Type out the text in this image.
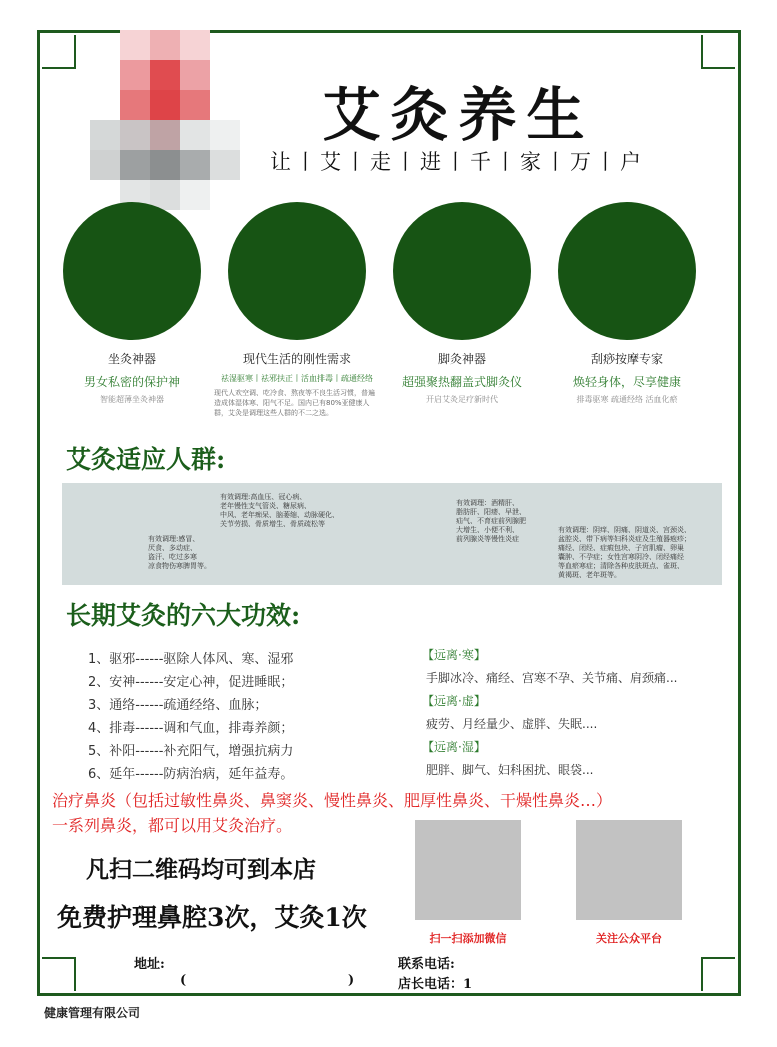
艾灸养生
让丨艾丨走丨进丨千丨家丨万丨户
坐灸神器
男女私密的保护神
智能超薄坐灸神器
现代生活的刚性需求
祛湿驱寒丨祛邪扶正丨活血排毒丨疏通经络
现代人欢空调、吃冷食、熬夜等不良生活习惯，普遍造成体湿体寒、阳气不足。国内已有80%亚健康人群，艾灸是调理这些人群的不二之选。
脚灸神器
超强聚热翻盖式脚灸仪
开启艾灸足疗新时代
刮痧按摩专家
焕轻身体，尽享健康
排毒驱寒 疏通经络 活血化瘀
艾灸适应人群:
有效调理:感冒、
厌食、多动症、
盗汗、吃过多寒
凉食物伤寒脾胃等。
有效调理:高血压、冠心病、
老年慢性支气管炎、糖尿病、
中风、老年痴呆、脑萎缩、动脉硬化、
关节劳损、骨质增生、骨质疏松等
有效调理：酒精肝、
脂肪肝、阳痿、早泄、
疝气、不育症前列腺肥
大增生、小便不利、
前列腺炎等慢性炎症
有效调理：阴痒、阴痛、阴道炎、宫颈炎、
盆腔炎、带下病等妇科炎症及生殖器疱疹；
痛经、闭经、症瘕包块、子宫肌瘤、卵巢
囊肿、不孕症；女性宫寒阴冷、闭经痛经
等血瘀寒症；清除各种皮肤斑点、雀斑、
黄褐斑、老年斑等。
长期艾灸的六大功效:
1、驱邪------驱除人体风、寒、湿邪
2、安神------安定心神，促进睡眠；
3、通络------疏通经络、血脉；
4、排毒------调和气血，排毒养颜；
5、补阳------补充阳气，增强抗病力
6、延年------防病治病，延年益寿。
【远离·寒】
手脚冰冷、痛经、宫寒不孕、关节痛、肩颈痛...
【远离·虚】
疲劳、月经量少、虚胖、失眠....
【远离·湿】
肥胖、脚气、妇科困扰、眼袋...
治疗鼻炎（包括过敏性鼻炎、鼻窦炎、慢性鼻炎、肥厚性鼻炎、干燥性鼻炎…）
一系列鼻炎，都可以用艾灸治疗。
凡扫二维码均可到本店
免费护理鼻腔3次，艾灸1次
扫一扫添加微信	关注公众平台
地址:
(	)
联系电话:
店长电话：1
健康管理有限公司
